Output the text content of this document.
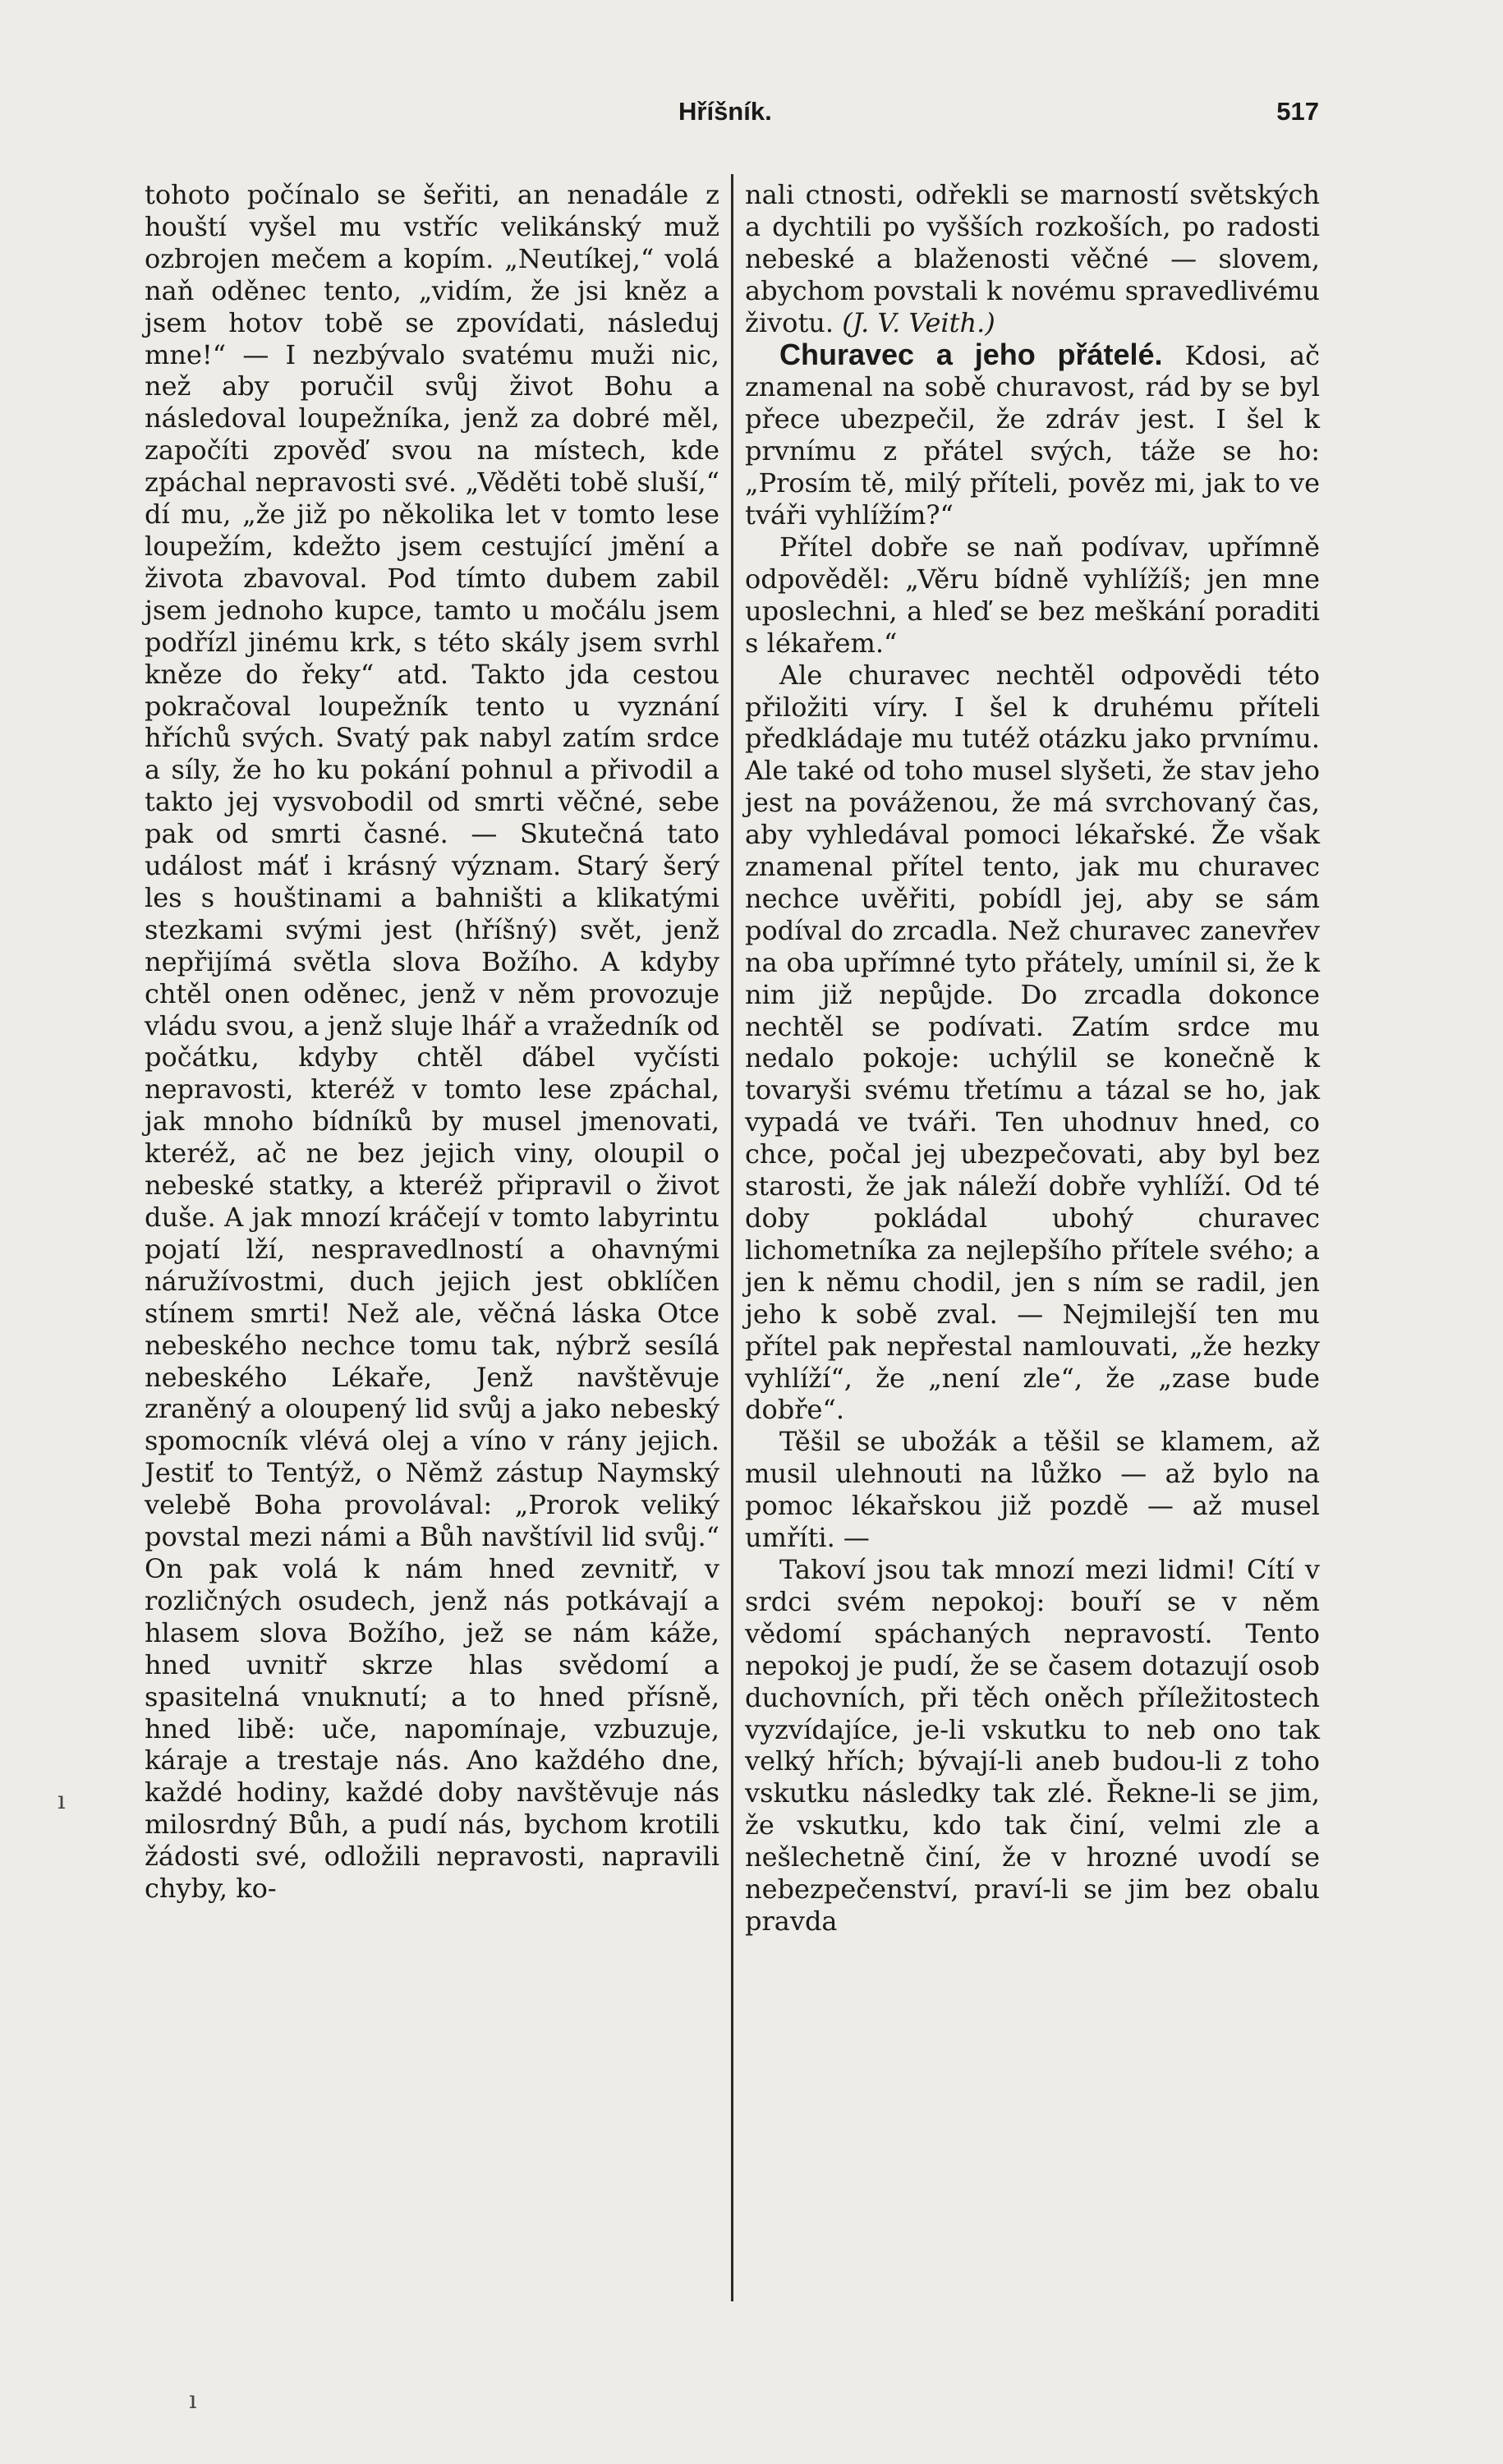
Hříšník.	517

tohoto počínalo se šeřiti, an nenadále z houští vyšel mu vstříc velikánský muž ozbrojen mečem a kopím. „Neutíkej,“ volá naň oděnec tento, „vidím, že jsi kněz a jsem hotov tobě se zpovídati, následuj mne!“ — I nezbývalo svatému muži nic, než aby poručil svůj život Bohu a následoval loupežníka, jenž za dobré měl, započíti zpověď svou na místech, kde zpáchal nepravosti své. „Věděti tobě sluší,“ dí mu, „že již po několika let v tomto lese loupežím, kdežto jsem cestující jmění a života zbavoval. Pod tímto dubem zabil jsem jednoho kupce, tamto u močálu jsem podřízl jinému krk, s této skály jsem svrhl kněze do řeky“ atd. Takto jda cestou pokračoval loupežník tento u vyznání hříchů svých. Svatý pak nabyl zatím srdce a síly, že ho ku pokání pohnul a přivodil a takto jej vysvobodil od smrti věčné, sebe pak od smrti časné. — Skutečná tato událost máť i krásný význam. Starý šerý les s houštinami a bahništi a klikatými stezkami svými jest (hříšný) svět, jenž nepřijímá světla slova Božího. A kdyby chtěl onen oděnec, jenž v něm provozuje vládu svou, a jenž sluje lhář a vražedník od počátku, kdyby chtěl ďábel vyčísti nepravosti, kteréž v tomto lese zpáchal, jak mnoho bídníků by musel jmenovati, kteréž, ač ne bez jejich viny, oloupil o nebeské statky, a kteréž připravil o život duše. A jak mnozí kráčejí v tomto labyrintu pojatí lží, nespravedlností a ohavnými náružívostmi, duch jejich jest obklíčen stínem smrti! Než ale, věčná láska Otce nebeského nechce tomu tak, nýbrž sesílá nebeského Lékaře, Jenž navštěvuje zraněný a oloupený lid svůj a jako nebeský spomocník vlévá olej a víno v rány jejich. Jestiť to Tentýž, o Němž zástup Naymský velebě Boha provolával: „Prorok veliký povstal mezi námi a Bůh navštívil lid svůj.“ On pak volá k nám hned zevnitř, v rozličných osudech, jenž nás potkávají a hlasem slova Božího, jež se nám káže, hned uvnitř skrze hlas svědomí a spasitelná vnuknutí; a to hned přísně, hned libě: uče, napomínaje, vzbuzuje, káraje a trestaje nás. Ano každého dne, každé hodiny, každé doby navštěvuje nás milosrdný Bůh, a pudí nás, bychom krotili žádosti své, odložili nepravosti, napravili chyby, ko-

nali ctnosti, odřekli se marností světských a dychtili po vyšších rozkoších, po radosti nebeské a blaženosti věčné — slovem, abychom povstali k novému spravedlivému životu. (J. V. Veith.)

Churavec a jeho přátelé. Kdosi, ač znamenal na sobě churavost, rád by se byl přece ubezpečil, že zdráv jest. I šel k prvnímu z přátel svých, táže se ho: „Prosím tě, milý příteli, pověz mi, jak to ve tváři vyhlížím?“

Přítel dobře se naň podívav, upřímně odpověděl: „Věru bídně vyhlížíš; jen mne uposlechni, a hleď se bez meškání poraditi s lékařem.“

Ale churavec nechtěl odpovědi této přiložiti víry. I šel k druhému příteli předkládaje mu tutéž otázku jako prvnímu. Ale také od toho musel slyšeti, že stav jeho jest na pováženou, že má svrchovaný čas, aby vyhledával pomoci lékařské. Že však znamenal přítel tento, jak mu churavec nechce uvěřiti, pobídl jej, aby se sám podíval do zrcadla. Než churavec zanevřev na oba upřímné tyto přátely, umínil si, že k nim již nepůjde. Do zrcadla dokonce nechtěl se podívati. Zatím srdce mu nedalo pokoje: uchýlil se konečně k tovaryši svému třetímu a tázal se ho, jak vypadá ve tváři. Ten uhodnuv hned, co chce, počal jej ubezpečovati, aby byl bez starosti, že jak náleží dobře vyhlíží. Od té doby pokládal ubohý churavec lichometníka za nejlepšího přítele svého; a jen k němu chodil, jen s ním se radil, jen jeho k sobě zval. — Nejmilejší ten mu přítel pak nepřestal namlouvati, „že hezky vyhlíží“, že „není zle“, že „zase bude dobře“.

Těšil se ubožák a těšil se klamem, až musil ulehnouti na lůžko — až bylo na pomoc lékařskou již pozdě — až musel umříti. —

Takoví jsou tak mnozí mezi lidmi! Cítí v srdci svém nepokoj: bouří se v něm vědomí spáchaných nepravostí. Tento nepokoj je pudí, že se časem dotazují osob duchovních, při těch oněch příležitostech vyzvídajíce, je-li vskutku to neb ono tak velký hřích; bývají-li aneb budou-li z toho vskutku následky tak zlé. Řekne-li se jim, že vskutku, kdo tak činí, velmi zle a nešlechetně činí, že v hrozné uvodí se nebezpečenství, praví-li se jim bez obalu pravda

ı
ı
